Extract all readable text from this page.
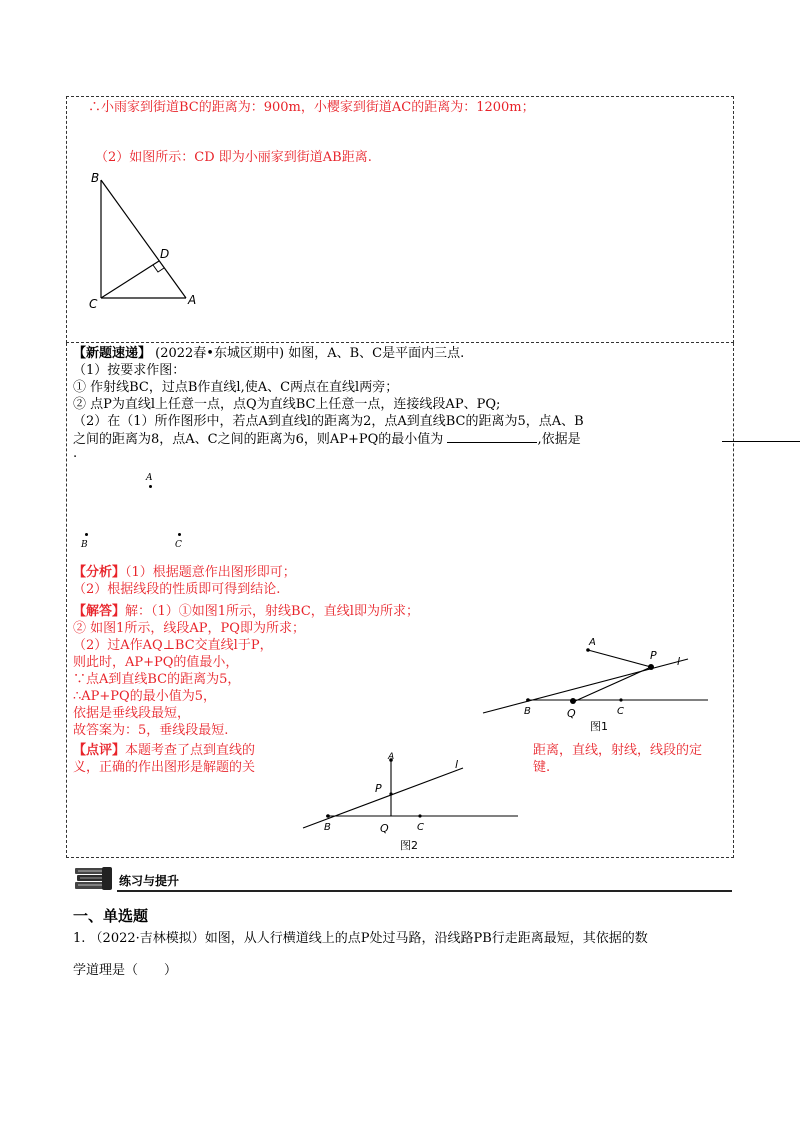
∴小雨家到街道BC的距离为：900m，小樱家到街道AC的距离为：1200m；
（2）如图所示：CD 即为小丽家到街道AB距离.
B
C	A
D
【新题速递】 (2022春•东城区期中) 如图，A、B、C是平面内三点.
（1）按要求作图：
① 作射线BC，过点B作直线l,使A、C两点在直线l两旁；
② 点P为直线l上任意一点，点Q为直线BC上任意一点，连接线段AP、PQ;
（2）在（1）所作图形中，若点A到直线l的距离为2，点A到直线BC的距离为5，点A、B
之间的距离为8，点A、C之间的距离为6，则AP+PQ的最小值为	,依据是
.
A
B	C
【分析】（1）根据题意作出图形即可；
（2）根据线段的性质即可得到结论.
【解答】解：（1）①如图1所示，射线BC，直线l即为所求；
② 如图1所示，线段AP，PQ即为所求；
（2）过A作AQ⊥BC交直线l于P，
则此时，AP+PQ的值最小，
∵点A到直线BC的距离为5，
∴AP+PQ的最小值为5，
依据是垂线段最短，
故答案为：5，垂线段最短.
A
P l
B	Q	C
图1
【点评】本题考查了点到直线的	距离，直线，射线，线段的定
义，正确的作出图形是解题的关	键.
A
P
l
B	Q	C
图2
练习与提升
一、单选题
1. （2022·吉林模拟）如图，从人行横道线上的点P处过马路，沿线路PB行走距离最短，其依据的数
学道理是（　　）
